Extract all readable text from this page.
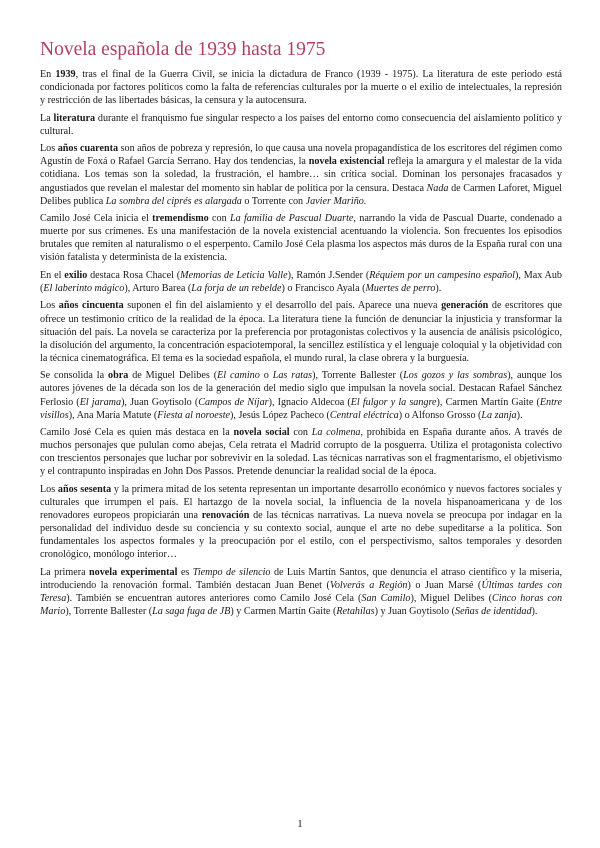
Novela española de 1939 hasta 1975

En 1939, tras el final de la Guerra Civil, se inicia la dictadura de Franco (1939 - 1975). La literatura de este periodo está condicionada por factores políticos como la falta de referencias culturales por la muerte o el exilio de intelectuales, la represión y restricción de las libertades básicas, la censura y la autocensura.

La literatura durante el franquismo fue singular respecto a los países del entorno como consecuencia del aislamiento político y cultural.

Los años cuarenta son años de pobreza y represión, lo que causa una novela propagandística de los escritores del régimen como Agustín de Foxá o Rafael García Serrano. Hay dos tendencias, la novela existencial refleja la amargura y el malestar de la vida cotidiana. Los temas son la soledad, la frustración, el hambre… sin crítica social. Dominan los personajes fracasados y angustiados que revelan el malestar del momento sin hablar de política por la censura. Destaca Nada de Carmen Laforet, Miguel Delibes publica La sombra del ciprés es alargada o Torrente con Javier Mariño.

Camilo José Cela inicia el tremendismo con La familia de Pascual Duarte, narrando la vida de Pascual Duarte, condenado a muerte por sus crímenes. Es una manifestación de la novela existencial acentuando la violencia. Son frecuentes los episodios brutales que remiten al naturalismo o el esperpento. Camilo José Cela plasma los aspectos más duros de la España rural con una visión fatalista y determinista de la existencia.

En el exilio destaca Rosa Chacel (Memorias de Leticia Valle), Ramón J.Sender (Réquiem por un campesino español), Max Aub (El laberinto mágico), Arturo Barea (La forja de un rebelde) o Francisco Ayala (Muertes de perro).

Los años cincuenta suponen el fin del aislamiento y el desarrollo del país. Aparece una nueva generación de escritores que ofrece un testimonio crítico de la realidad de la época. La literatura tiene la función de denunciar la injusticia y transformar la situación del país. La novela se caracteriza por la preferencia por protagonistas colectivos y la ausencia de análisis psicológico, la disolución del argumento, la concentración espaciotemporal, la sencillez estilística y el lenguaje coloquial y la objetividad con la técnica cinematográfica. El tema es la sociedad española, el mundo rural, la clase obrera y la burguesía.

Se consolida la obra de Miguel Delibes (El camino o Las ratas), Torrente Ballester (Los gozos y las sombras), aunque los autores jóvenes de la década son los de la generación del medio siglo que impulsan la novela social. Destacan Rafael Sánchez Ferlosio (El jarama), Juan Goytisolo (Campos de Níjar), Ignacio Aldecoa (El fulgor y la sangre), Carmen Martín Gaite (Entre visillos), Ana María Matute (Fiesta al noroeste), Jesús López Pacheco (Central eléctrica) o Alfonso Grosso (La zanja).

Camilo José Cela es quien más destaca en la novela social con La colmena, prohibida en España durante años. A través de muchos personajes que pululan como abejas, Cela retrata el Madrid corrupto de la posguerra. Utiliza el protagonista colectivo con trescientos personajes que luchar por sobrevivir en la soledad. Las técnicas narrativas son el fragmentarismo, el objetivismo y el contrapunto inspiradas en John Dos Passos. Pretende denunciar la realidad social de la época.

Los años sesenta y la primera mitad de los setenta representan un importante desarrollo económico y nuevos factores sociales y culturales que irrumpen el país. El hartazgo de la novela social, la influencia de la novela hispanoamericana y de los renovadores europeos propiciarán una renovación de las técnicas narrativas. La nueva novela se preocupa por indagar en la personalidad del individuo desde su conciencia y su contexto social, aunque el arte no debe supeditarse a la política. Son fundamentales los aspectos formales y la preocupación por el estilo, con el perspectivismo, saltos temporales y desorden cronológico, monólogo interior…

La primera novela experimental es Tiempo de silencio de Luis Martín Santos, que denuncia el atraso científico y la miseria, introduciendo la renovación formal. También destacan Juan Benet (Volverás a Región) o Juan Marsé (Últimas tardes con Teresa). También se encuentran autores anteriores como Camilo José Cela (San Camilo), Miguel Delibes (Cinco horas con Mario), Torrente Ballester (La saga fuga de JB) y Carmen Martín Gaite (Retahílas) y Juan Goytisolo (Señas de identidad).

1
